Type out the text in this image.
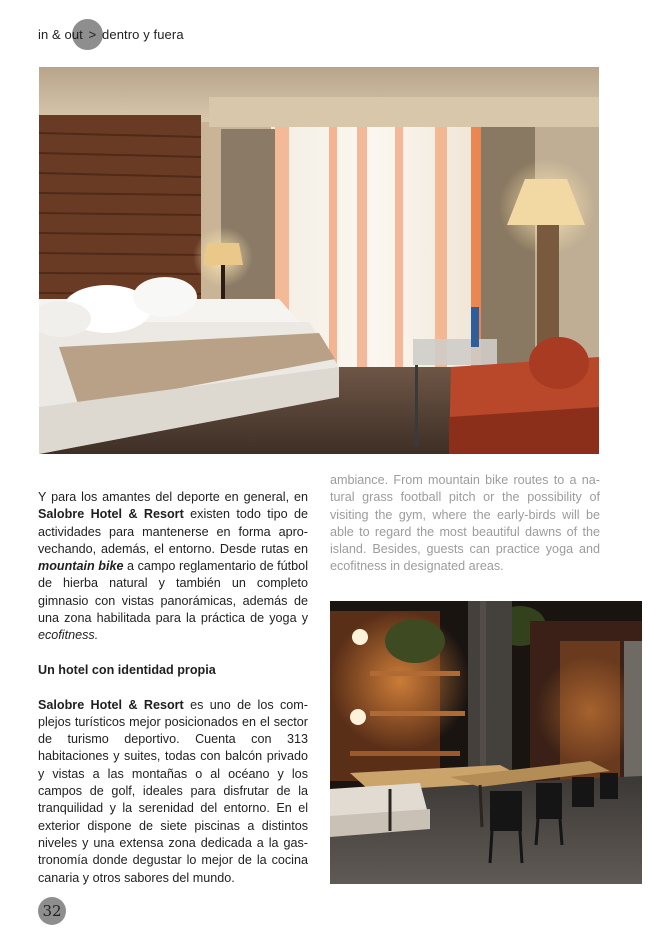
in & out > dentro y fuera

Y para los amantes del deporte en general, en Salobre Hotel & Resort existen todo tipo de actividades para mantenerse en forma aprovechando, además, el entorno. Desde rutas en mountain bike a campo reglamentario de fútbol de hierba natural y también un completo gimnasio con vistas panorámicas, además de una zona habilitada para la práctica de yoga y ecofitness.

Un hotel con identidad propia

Salobre Hotel & Resort es uno de los complejos turísticos mejor posicionados en el sector de turismo deportivo. Cuenta con 313 habitaciones y suites, todas con balcón privado y vistas a las montañas o al océano y los campos de golf, ideales para disfrutar de la tranquilidad y la serenidad del entorno. En el exterior dispone de siete piscinas a distintos niveles y una extensa zona dedicada a la gastronomía donde degustar lo mejor de la cocina canaria y otros sabores del mundo.

ambiance. From mountain bike routes to a natural grass football pitch or the possibility of visiting the gym, where the early-birds will be able to regard the most beautiful dawns of the island. Besides, guests can practice yoga and ecofitness in designated areas.

32
